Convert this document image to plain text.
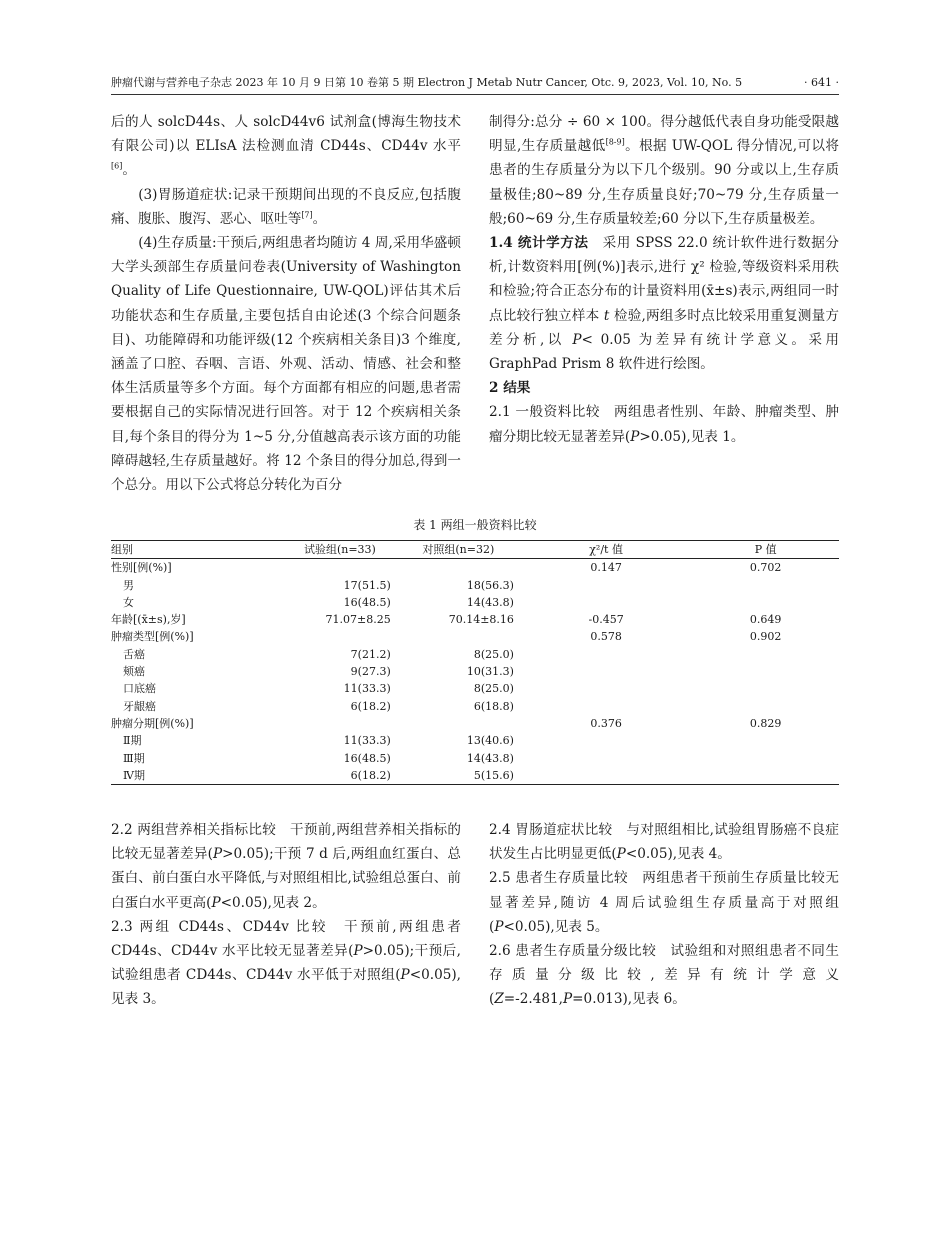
肿瘤代谢与营养电子杂志 2023 年 10 月 9 日第 10 卷第 5 期 Electron J Metab Nutr Cancer, Otc. 9, 2023, Vol. 10, No. 5	· 641 ·

后的人 solcD44s、人 solcD44v6 试剂盒(博海生物技术有限公司)以 ELIsA 法检测血清 CD44s、CD44v 水平[6]。

(3)胃肠道症状:记录干预期间出现的不良反应,包括腹痛、腹胀、腹泻、恶心、呕吐等[7]。

(4)生存质量:干预后,两组患者均随访 4 周,采用华盛顿大学头颈部生存质量问卷表(University of Washington Quality of Life Questionnaire, UW-QOL)评估其术后功能状态和生存质量,主要包括自由论述(3 个综合问题条目)、功能障碍和功能评级(12 个疾病相关条目)3 个维度,涵盖了口腔、吞咽、言语、外观、活动、情感、社会和整体生活质量等多个方面。每个方面都有相应的问题,患者需要根据自己的实际情况进行回答。对于 12 个疾病相关条目,每个条目的得分为 1~5 分,分值越高表示该方面的功能障碍越轻,生存质量越好。将 12 个条目的得分加总,得到一个总分。用以下公式将总分转化为百分

制得分:总分 ÷ 60 × 100。得分越低代表自身功能受限越明显,生存质量越低[8-9]。根据 UW-QOL 得分情况,可以将患者的生存质量分为以下几个级别。90 分或以上,生存质量极佳;80~89 分,生存质量良好;70~79 分,生存质量一般;60~69 分,生存质量较差;60 分以下,生存质量极差。

1.4 统计学方法  采用 SPSS 22.0 统计软件进行数据分析,计数资料用[例(%)]表示,进行 χ² 检验,等级资料采用秩和检验;符合正态分布的计量资料用(x̄±s)表示,两组同一时点比较行独立样本 t 检验,两组多时点比较采用重复测量方差分析,以 P< 0.05 为差异有统计学意义。采用 GraphPad Prism 8 软件进行绘图。

2 结果

2.1 一般资料比较  两组患者性别、年龄、肿瘤类型、肿瘤分期比较无显著差异(P>0.05),见表 1。

表 1 两组一般资料比较
组别	试验组(n=33)	对照组(n=32)	χ²/t 值	P 值
性别[例(%)]			0.147	0.702
男	17(51.5)	18(56.3)		
女	16(48.5)	14(43.8)		
年龄[(x̄±s),岁]	71.07±8.25	70.14±8.16	-0.457	0.649
肿瘤类型[例(%)]			0.578	0.902
舌癌	7(21.2)	8(25.0)		
颊癌	9(27.3)	10(31.3)		
口底癌	11(33.3)	8(25.0)		
牙龈癌	6(18.2)	6(18.8)		
肿瘤分期[例(%)]			0.376	0.829
Ⅱ期	11(33.3)	13(40.6)		
Ⅲ期	16(48.5)	14(43.8)		
Ⅳ期	6(18.2)	5(15.6)		

2.2 两组营养相关指标比较  干预前,两组营养相关指标的比较无显著差异(P>0.05);干预 7 d 后,两组血红蛋白、总蛋白、前白蛋白水平降低,与对照组相比,试验组总蛋白、前白蛋白水平更高(P<0.05),见表 2。

2.3 两组 CD44s、CD44v 比较  干预前,两组患者 CD44s、CD44v 水平比较无显著差异(P>0.05);干预后,试验组患者 CD44s、CD44v 水平低于对照组(P<0.05),见表 3。

2.4 胃肠道症状比较  与对照组相比,试验组胃肠癌不良症状发生占比明显更低(P<0.05),见表 4。

2.5 患者生存质量比较  两组患者干预前生存质量比较无显著差异,随访 4 周后试验组生存质量高于对照组(P<0.05),见表 5。

2.6 患者生存质量分级比较  试验组和对照组患者不同生存质量分级比较,差异有统计学意义(Z=-2.481,P=0.013),见表 6。
